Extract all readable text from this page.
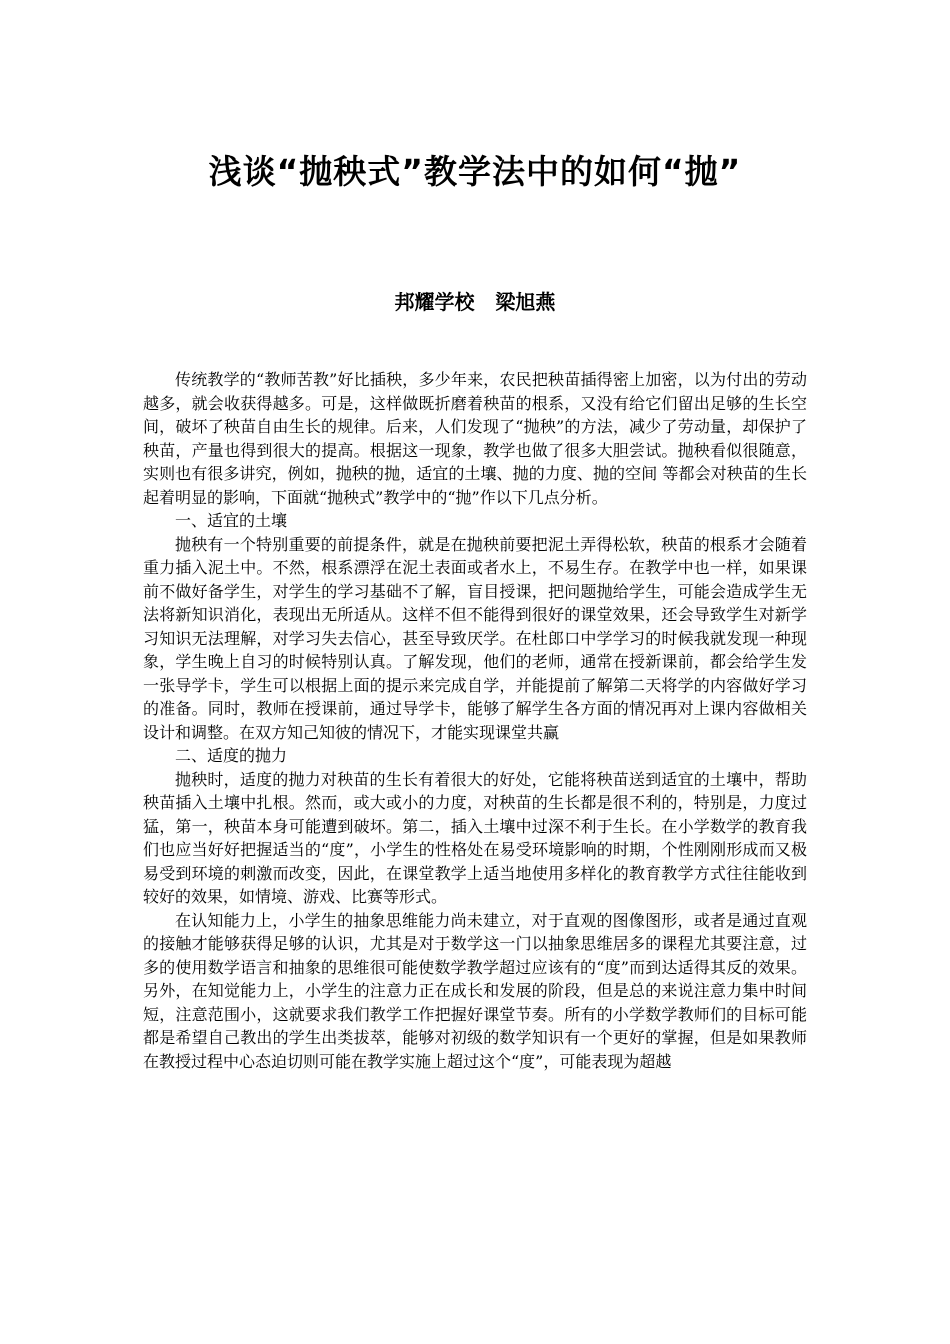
浅谈“抛秧式”教学法中的如何“抛”
邦耀学校   梁旭燕

传统教学的“教师苦教”好比插秧，多少年来，农民把秧苗插得密上加密，以为付出的劳动越多，就会收获得越多。可是，这样做既折磨着秧苗的根系，又没有给它们留出足够的生长空间，破坏了秧苗自由生长的规律。后来，人们发现了“抛秧”的方法，减少了劳动量，却保护了秧苗，产量也得到很大的提高。根据这一现象，教学也做了很多大胆尝试。抛秧看似很随意，实则也有很多讲究，例如，抛秧的抛，适宜的土壤、抛的力度、抛的空间 等都会对秧苗的生长起着明显的影响，下面就“抛秧式”教学中的“抛”作以下几点分析。

一、适宜的土壤

抛秧有一个特别重要的前提条件，就是在抛秧前要把泥土弄得松软，秧苗的根系才会随着重力插入泥土中。不然，根系漂浮在泥土表面或者水上，不易生存。在教学中也一样，如果课前不做好备学生，对学生的学习基础不了解，盲目授课，把问题抛给学生，可能会造成学生无法将新知识消化，表现出无所适从。这样不但不能得到很好的课堂效果，还会导致学生对新学习知识无法理解，对学习失去信心，甚至导致厌学。在杜郎口中学学习的时候我就发现一种现象，学生晚上自习的时候特别认真。了解发现，他们的老师，通常在授新课前，都会给学生发一张导学卡，学生可以根据上面的提示来完成自学，并能提前了解第二天将学的内容做好学习的准备。同时，教师在授课前，通过导学卡，能够了解学生各方面的情况再对上课内容做相关设计和调整。在双方知己知彼的情况下，才能实现课堂共赢

二、适度的抛力

抛秧时，适度的抛力对秧苗的生长有着很大的好处，它能将秧苗送到适宜的土壤中，帮助秧苗插入土壤中扎根。然而，或大或小的力度，对秧苗的生长都是很不利的，特别是，力度过猛，第一，秧苗本身可能遭到破坏。第二，插入土壤中过深不利于生长。在小学数学的教育我们也应当好好把握适当的“度”，小学生的性格处在易受环境影响的时期，个性刚刚形成而又极易受到环境的刺激而改变，因此，在课堂教学上适当地使用多样化的教育教学方式往往能收到较好的效果，如情境、游戏、比赛等形式。

在认知能力上，小学生的抽象思维能力尚未建立，对于直观的图像图形，或者是通过直观的接触才能够获得足够的认识，尤其是对于数学这一门以抽象思维居多的课程尤其要注意，过多的使用数学语言和抽象的思维很可能使数学教学超过应该有的“度”而到达适得其反的效果。另外，在知觉能力上，小学生的注意力正在成长和发展的阶段，但是总的来说注意力集中时间短，注意范围小，这就要求我们教学工作把握好课堂节奏。所有的小学数学教师们的目标可能都是希望自己教出的学生出类拔萃，能够对初级的数学知识有一个更好的掌握，但是如果教师在教授过程中心态迫切则可能在教学实施上超过这个“度”，可能表现为超越
